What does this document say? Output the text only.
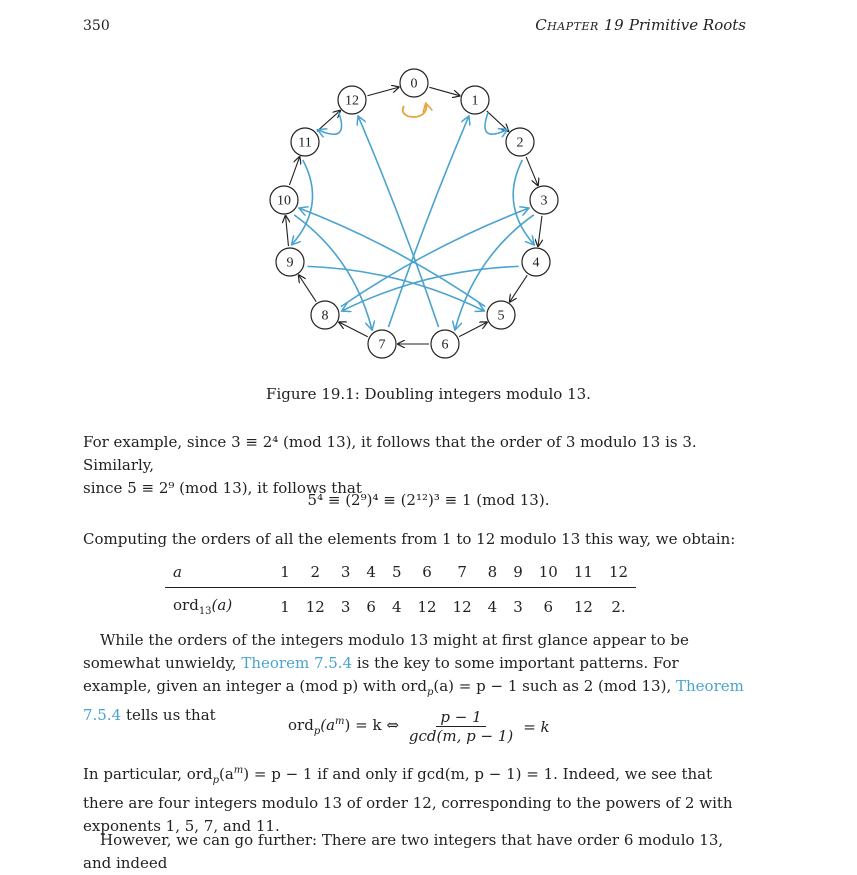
350	Chapter 19 Primitive Roots
0
1
2
3
4
5
6
7
8
9
10
11
12
Figure 19.1: Doubling integers modulo 13.
For example, since 3 ≡ 2⁴ (mod 13), it follows that the order of 3 modulo 13 is 3. Similarly,
since 5 ≡ 2⁹ (mod 13), it follows that
5⁴ ≡ (2⁹)⁴ ≡ (2¹²)³ ≡ 1 (mod 13).
Computing the orders of all the elements from 1 to 12 modulo 13 this way, we obtain:
a	1	2	3	4	5	6	7	8	9	10	11	12
ord$_{13}$(a)	1	12	3	6	4	12	12	4	3	6	12	2.
While the orders of the integers modulo 13 might at first glance appear to be somewhat unwieldy, Theorem 7.5.4 is the key to some important patterns. For example, given an integer a (mod p) with ord$_p$(a) = p − 1 such as 2 (mod 13), Theorem 7.5.4 tells us that
$ord_p(a^m) = k$ ⇔	p − 1
gcd(m, p − 1)
= k
In particular, $ord_p(a^m) = p - 1$ if and only if gcd(m, p − 1) = 1. Indeed, we see that there are four integers modulo 13 of order 12, corresponding to the powers of 2 with exponents 1, 5, 7, and 11.
However, we can go further: There are two integers that have order 6 modulo 13, and indeed
